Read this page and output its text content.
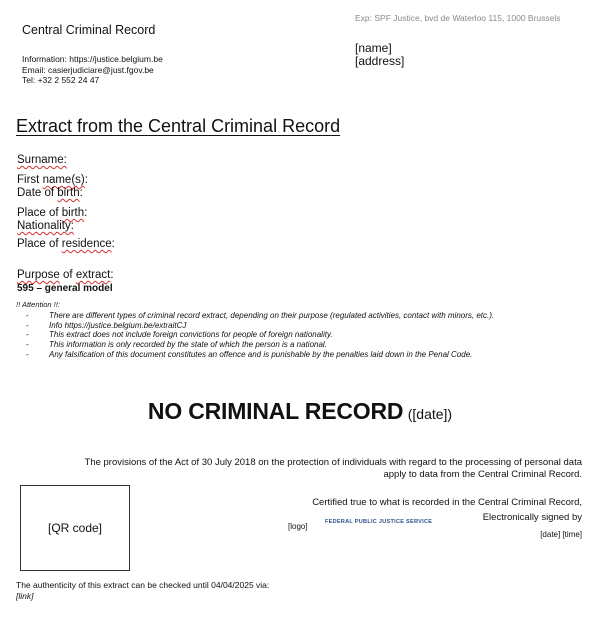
Central Criminal Record
Exp: SPF Justice, bvd de Waterloo 115, 1000 Brussels
[name]
[address]
Information: https://justice.belgium.be
Email: casierjudiciare@just.fgov.be
Tel: +32 2 552 24 47
Extract from the Central Criminal Record
Surname:
First name(s):
Date of birth:
Place of birth:
Nationality:
Place of residence:
Purpose of extract:
595 – general model
!! Attention !!:
-	There are different types of criminal record extract, depending on their purpose (regulated activities, contact with minors, etc.).
-	Info https://justice.belgium.be/extraitCJ
-	This extract does not include foreign convictions for people of foreign nationality.
-	This information is only recorded by the state of which the person is a national.
-	Any falsification of this document constitutes an offence and is punishable by the penalties laid down in the Penal Code.
NO CRIMINAL RECORD ([date])
The provisions of the Act of 30 July 2018 on the protection of individuals with regard to the processing of personal data
apply to data from the Central Criminal Record.
[QR code]
Certified true to what is recorded in the Central Criminal Record,
Electronically signed by
[logo]	FEDERAL PUBLIC JUSTICE SERVICE
[date] [time]
The authenticity of this extract can be checked until 04/04/2025 via:
[link]
